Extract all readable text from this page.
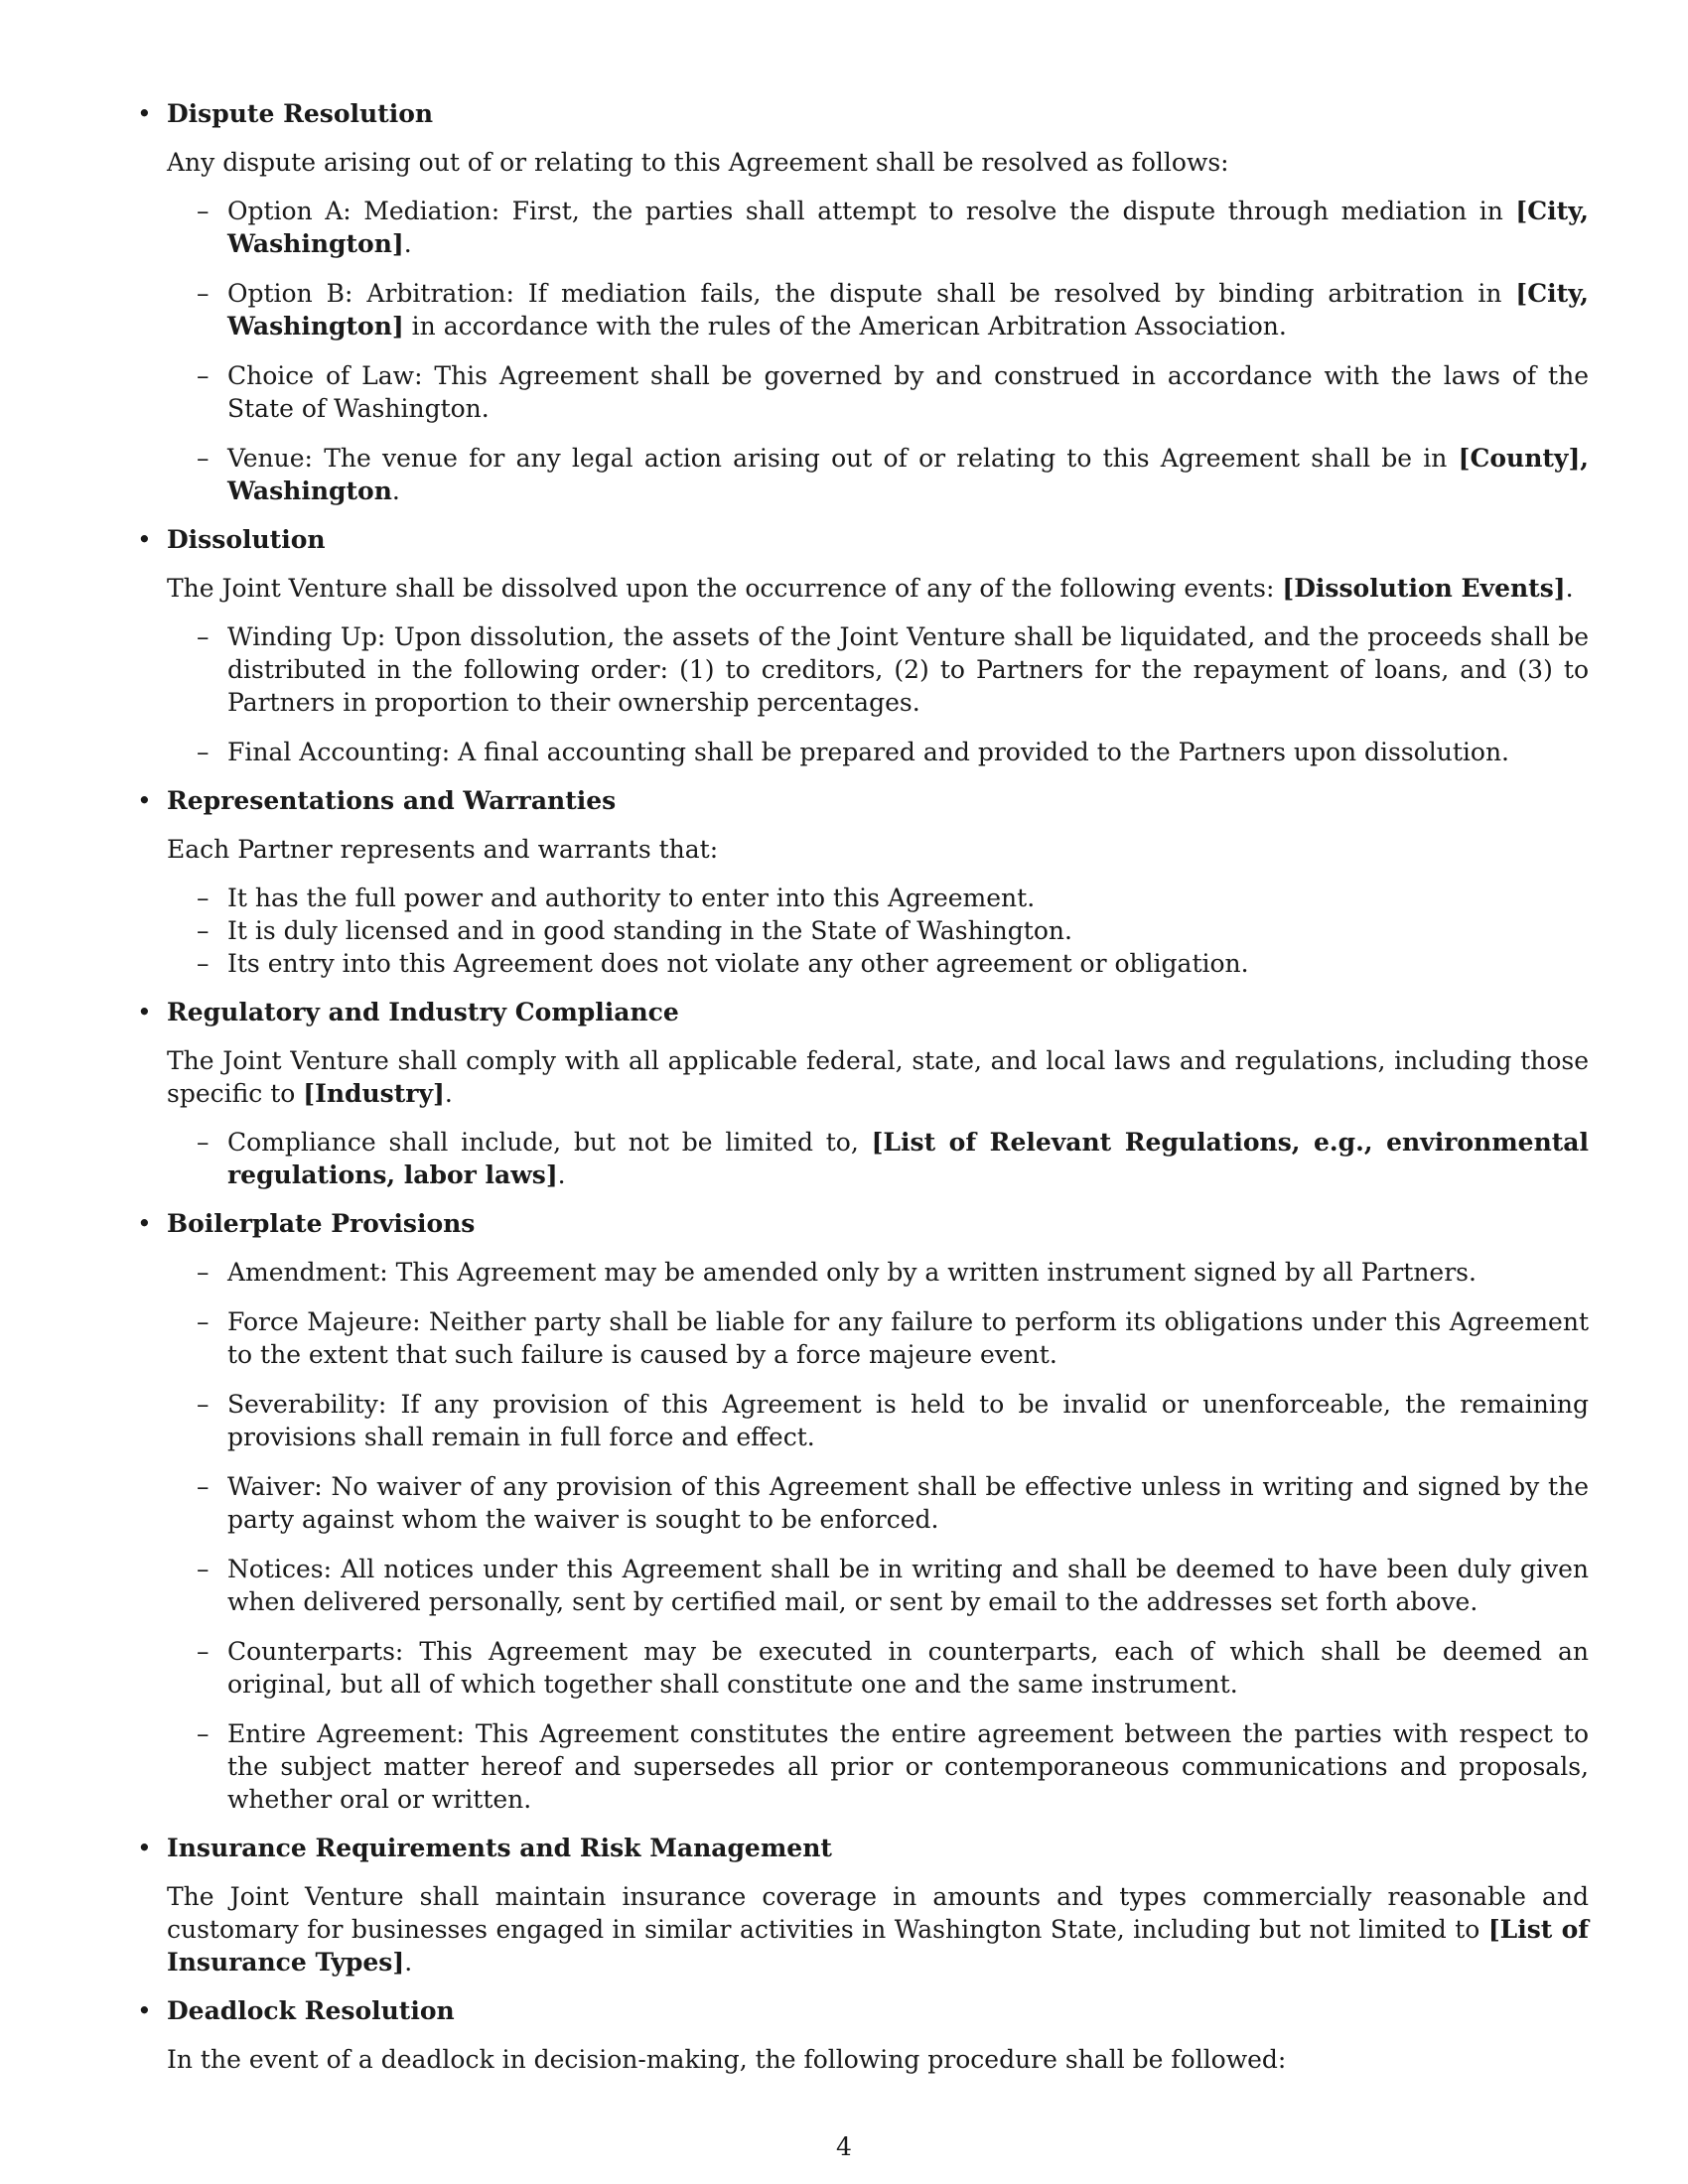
• Dispute Resolution
Any dispute arising out of or relating to this Agreement shall be resolved as follows:
– Option A: Mediation: First, the parties shall attempt to resolve the dispute through mediation in [City, Washington].
– Option B: Arbitration: If mediation fails, the dispute shall be resolved by binding arbitration in [City, Washington] in accordance with the rules of the American Arbitration Association.
– Choice of Law: This Agreement shall be governed by and construed in accordance with the laws of the State of Washington.
– Venue: The venue for any legal action arising out of or relating to this Agreement shall be in [County], Washington.
• Dissolution
The Joint Venture shall be dissolved upon the occurrence of any of the following events: [Dissolution Events].
– Winding Up: Upon dissolution, the assets of the Joint Venture shall be liquidated, and the proceeds shall be distributed in the following order: (1) to creditors, (2) to Partners for the repayment of loans, and (3) to Partners in proportion to their ownership percentages.
– Final Accounting: A final accounting shall be prepared and provided to the Partners upon dissolution.
• Representations and Warranties
Each Partner represents and warrants that:
– It has the full power and authority to enter into this Agreement.
– It is duly licensed and in good standing in the State of Washington.
– Its entry into this Agreement does not violate any other agreement or obligation.
• Regulatory and Industry Compliance
The Joint Venture shall comply with all applicable federal, state, and local laws and regulations, including those specific to [Industry].
– Compliance shall include, but not be limited to, [List of Relevant Regulations, e.g., environmental regulations, labor laws].
• Boilerplate Provisions
– Amendment: This Agreement may be amended only by a written instrument signed by all Partners.
– Force Majeure: Neither party shall be liable for any failure to perform its obligations under this Agreement to the extent that such failure is caused by a force majeure event.
– Severability: If any provision of this Agreement is held to be invalid or unenforceable, the remaining provisions shall remain in full force and effect.
– Waiver: No waiver of any provision of this Agreement shall be effective unless in writing and signed by the party against whom the waiver is sought to be enforced.
– Notices: All notices under this Agreement shall be in writing and shall be deemed to have been duly given when delivered personally, sent by certified mail, or sent by email to the addresses set forth above.
– Counterparts: This Agreement may be executed in counterparts, each of which shall be deemed an original, but all of which together shall constitute one and the same instrument.
– Entire Agreement: This Agreement constitutes the entire agreement between the parties with respect to the subject matter hereof and supersedes all prior or contemporaneous communications and proposals, whether oral or written.
• Insurance Requirements and Risk Management
The Joint Venture shall maintain insurance coverage in amounts and types commercially reasonable and customary for businesses engaged in similar activities in Washington State, including but not limited to [List of Insurance Types].
• Deadlock Resolution
In the event of a deadlock in decision-making, the following procedure shall be followed:
4
